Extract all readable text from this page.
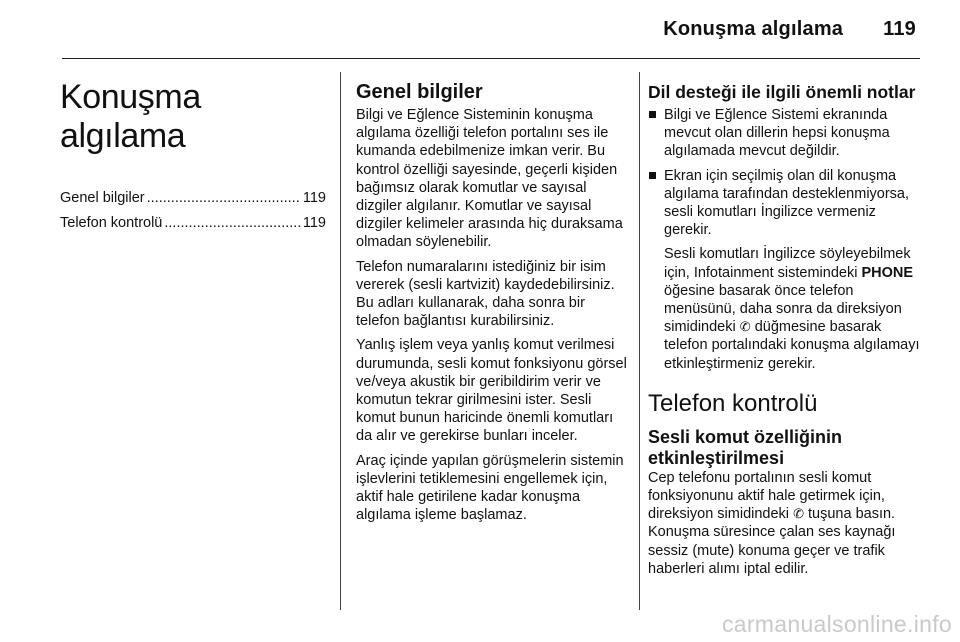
Konuşma algılama 119
Konuşma algılama
Genel bilgiler .....	119
Telefon kontrolü .....	119
Genel bilgiler

Bilgi ve Eğlence Sisteminin konuşma algılama özelliği telefon portalını ses ile kumanda edebilmenize imkan verir. Bu kontrol özelliği sayesinde, geçerli kişiden bağımsız olarak komutlar ve sayısal dizgiler algılanır. Komutlar ve sayısal dizgiler kelimeler arasında hiç duraksama olmadan söylenebilir.

Telefon numaralarını istediğiniz bir isim vererek (sesli kartvizit) kaydedebilirsiniz. Bu adları kullanarak, daha sonra bir telefon bağlantısı kurabilirsiniz.

Yanlış işlem veya yanlış komut verilmesi durumunda, sesli komut fonksiyonu görsel ve/veya akustik bir geribildirim verir ve komutun tekrar girilmesini ister. Sesli komut bunun haricinde önemli komutları da alır ve gerekirse bunları inceler.

Araç içinde yapılan görüşmelerin sistemin işlevlerini tetiklemesini engellemek için, aktif hale getirilene kadar konuşma algılama işleme başlamaz.

Dil desteği ile ilgili önemli notlar
Bilgi ve Eğlence Sistemi ekranında mevcut olan dillerin hepsi konuşma algılamada mevcut değildir.
Ekran için seçilmiş olan dil konuşma algılama tarafından desteklenmiyorsa, sesli komutları İngilizce vermeniz gerekir.

Sesli komutları İngilizce söyleyebilmek için, Infotainment sistemindeki PHONE öğesine basarak önce telefon menüsünü, daha sonra da direksiyon simidindeki ✆ düğmesine basarak telefon portalındaki konuşma algılamayı etkinleştirmeniz gerekir.

Telefon kontrolü
Sesli komut özelliğinin
etkinleştirilmesi

Cep telefonu portalının sesli komut fonksiyonunu aktif hale getirmek için, direksiyon simidindeki ✆ tuşuna basın. Konuşma süresince çalan ses kaynağı sessiz (mute) konuma geçer ve trafik haberleri alımı iptal edilir.

carmanualsonline.info
